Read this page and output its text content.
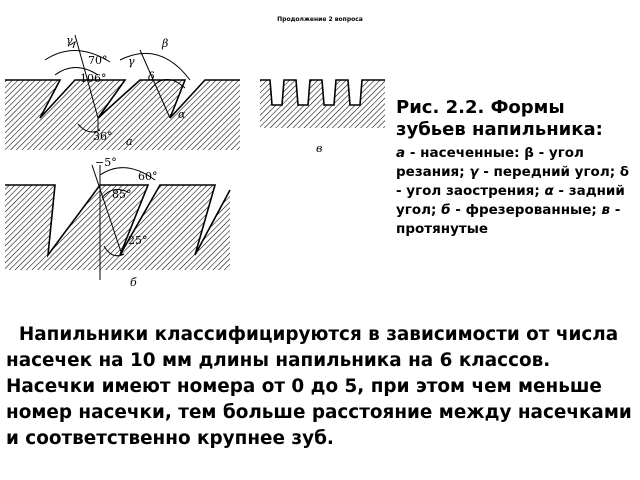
Продолжение 2 вопроса
70°
106°
36°
γ
γ
β
δ
α
а
в
−5°
60°
85°
25°
б

Рис. 2.2. Формы зубьев напильника:

а - насеченные: β - угол резания; γ - передний угол; δ - угол заострения; α - задний угол; б - фрезерованные; в - протянутые

Напильники классифицируются в зависимости от числа насечек на 10 мм длины напильника на 6 классов. Насечки имеют номера от 0 до 5, при этом чем меньше номер насечки, тем больше расстояние между насечками и соответственно крупнее зуб.
